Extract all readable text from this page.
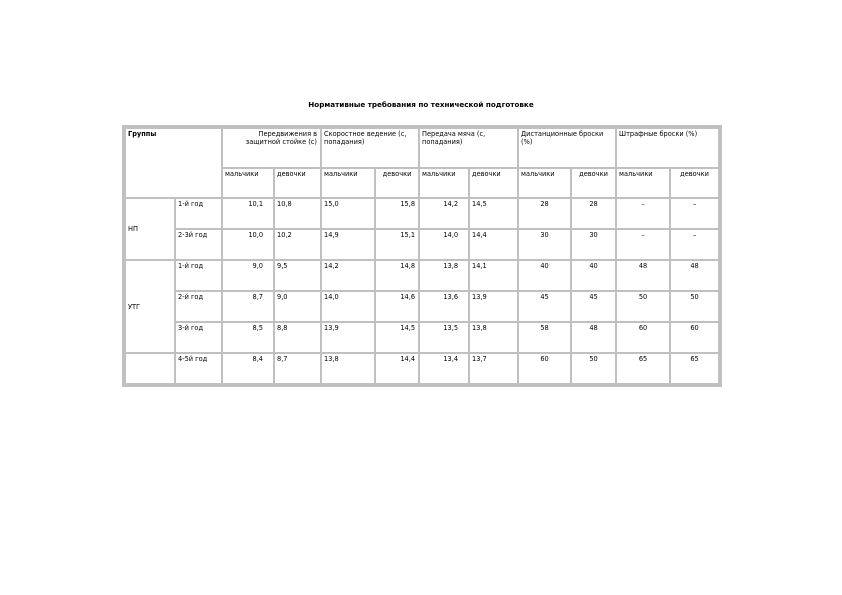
Нормативные требования по технической подготовке
Группы		Передвижения в защитной стойке (с)		Скоростное ведение (с, попадания)		Передача мяча (с, попадания)		Дистанционные броски (%)		Штрафные броски (%)	
		мальчики	девочки	мальчики	девочки	мальчики	девочки	мальчики	девочки	мальчики	девочки
НП	1-й год	10,1	10,8	15,0	15,8	14,2	14,5	28	28	–	–
	2-3й год	10,0	10,2	14,9	15,1	14,0	14,4	30	30	–	–
УТГ	1-й год	9,0	9,5	14,2	14,8	13,8	14,1	40	40	48	48
	2-й год	8,7	9,0	14,0	14,6	13,6	13,9	45	45	50	50
	3-й год	8,5	8,8	13,9	14,5	13,5	13,8	58	48	60	60
	4-5й год	8,4	8,7	13,8	14,4	13,4	13,7	60	50	65	65
